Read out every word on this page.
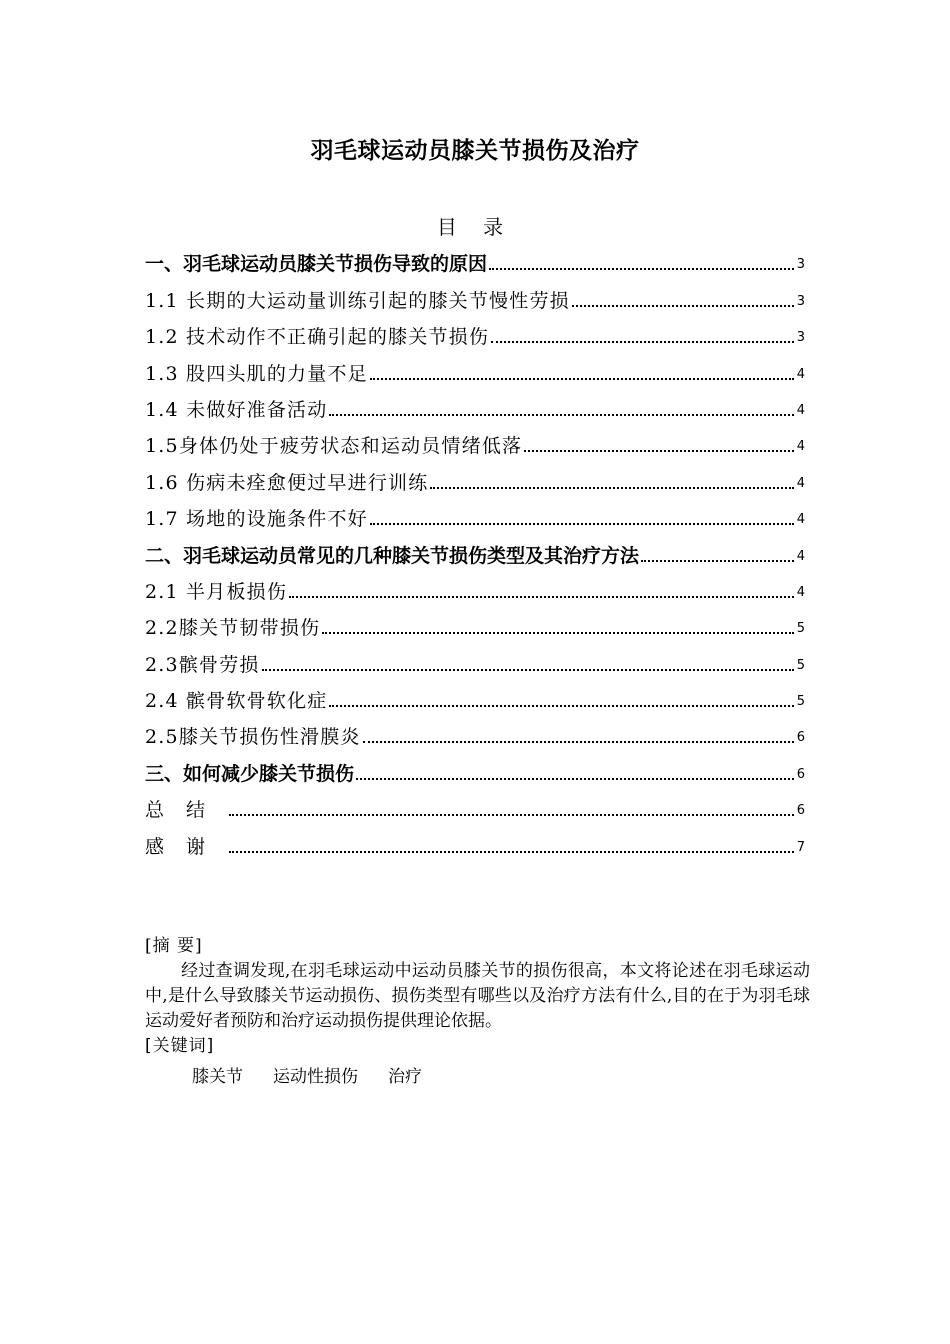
羽毛球运动员膝关节损伤及治疗
目 录
一、羽毛球运动员膝关节损伤导致的原因	3
1.1 长期的大运动量训练引起的膝关节慢性劳损	3
1.2 技术动作不正确引起的膝关节损伤	3
1.3 股四头肌的力量不足	4
1.4 未做好准备活动	4
1.5身体仍处于疲劳状态和运动员情绪低落	4
1.6 伤病未痊愈便过早进行训练	4
1.7 场地的设施条件不好	4
二、羽毛球运动员常见的几种膝关节损伤类型及其治疗方法	4
2.1 半月板损伤	4
2.2膝关节韧带损伤	5
2.3髌骨劳损	5
2.4 髌骨软骨软化症	5
2.5膝关节损伤性滑膜炎	6
三、如何减少膝关节损伤	6
总结	6
感谢	7
[摘 要]
经过查调发现,在羽毛球运动中运动员膝关节的损伤很高，本文将论述在羽毛球运动中,是什么导致膝关节运动损伤、损伤类型有哪些以及治疗方法有什么,目的在于为羽毛球运动爱好者预防和治疗运动损伤提供理论依据。
[关键词]
膝关节 运动性损伤 治疗
